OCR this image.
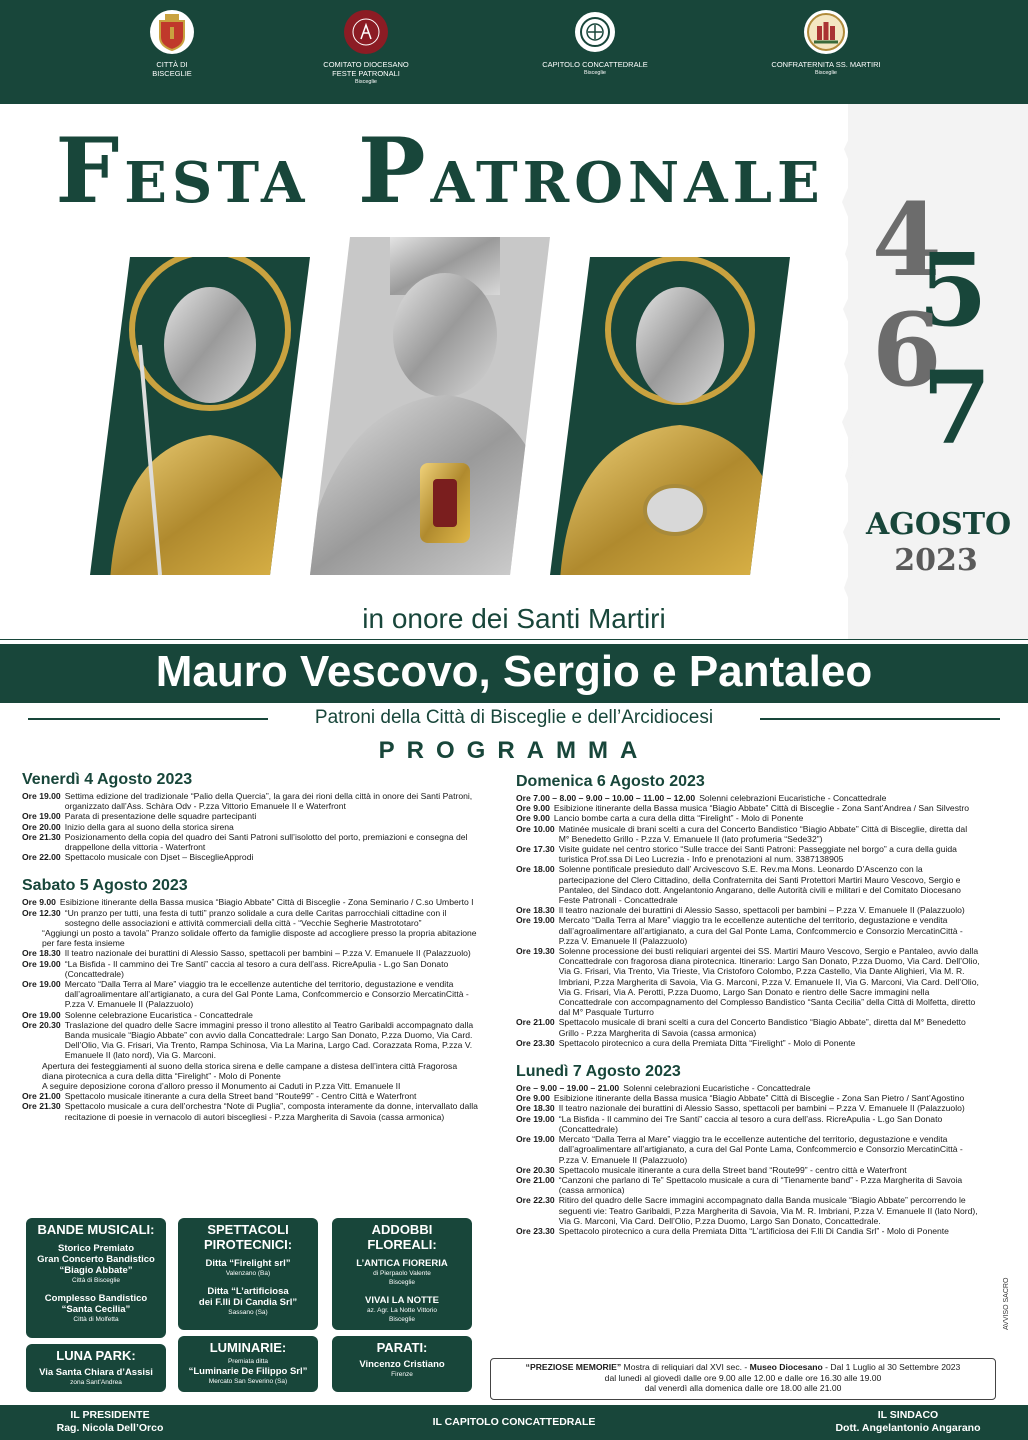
CITTÀ DI
BISCEGLIE
COMITATO DIOCESANO
FESTE PATRONALI
Bisceglie
CAPITOLO CONCATTEDRALE
Bisceglie
CONFRATERNITA SS. MARTIRI
Bisceglie
FESTA PATRONALE 4
5
6
7
AGOSTO
2023
in onore dei Santi Martiri
Mauro Vescovo, Sergio e Pantaleo
Patroni della Città di Bisceglie e dell’Arcidiocesi
PROGRAMMA
Venerdì 4 Agosto 2023
Ore 19.00 Settima edizione del tradizionale “Palio della Quercia”, la gara dei rioni della città in onore dei Santi Patroni, organizzato dall’Ass. Schàra Odv - P.zza Vittorio Emanuele II e Waterfront
Ore 19.00 Parata di presentazione delle squadre partecipanti
Ore 20.00 Inizio della gara al suono della storica sirena
Ore 21.30 Posizionamento della copia del quadro dei Santi Patroni sull’isolotto del porto, premiazioni e consegna del drappellone della vittoria - Waterfront
Ore 22.00 Spettacolo musicale con Djset – BisceglieApprodi
Sabato 5 Agosto 2023
Ore 9.00 Esibizione itinerante della Bassa musica “Biagio Abbate” Città di Bisceglie - Zona Seminario / C.so Umberto I
Ore 12.30 “Un pranzo per tutti, una festa di tutti” pranzo solidale a cura delle Caritas parrocchiali cittadine con il sostegno delle associazioni e attività commerciali della città - “Vecchie Segherie Mastrototaro”
“Aggiungi un posto a tavola” Pranzo solidale offerto da famiglie disposte ad accogliere presso la propria abitazione per fare festa insieme
Ore 18.30 Il teatro nazionale dei burattini di Alessio Sasso, spettacoli per bambini – P.zza V. Emanuele II (Palazzuolo)
Ore 19.00 “La Bisfida - Il cammino dei Tre Santi” caccia al tesoro a cura dell’ass. RicreApulia - L.go San Donato (Concattedrale)
Ore 19.00 Mercato “Dalla Terra al Mare” viaggio tra le eccellenze autentiche del territorio, degustazione e vendita dall’agroalimentare all’artigianato, a cura del Gal Ponte Lama, Confcommercio e Consorzio MercatinCittà - P.zza V. Emanuele II (Palazzuolo)
Ore 19.00 Solenne celebrazione Eucaristica - Concattedrale
Ore 20.30 Traslazione del quadro delle Sacre immagini presso il trono allestito al Teatro Garibaldi accompagnato dalla Banda musicale “Biagio Abbate” con avvio dalla Concattedrale: Largo San Donato, P.zza Duomo, Via Card. Dell’Olio, Via G. Frisari, Via Trento, Rampa Schinosa, Via La Marina, Largo Cad. Corazzata Roma, P.zza V. Emanuele II (lato nord), Via G. Marconi.
Apertura dei festeggiamenti al suono della storica sirena e delle campane a distesa dell’intera città Fragorosa diana pirotecnica a cura della ditta “Firelight” - Molo di Ponente
A seguire deposizione corona d’alloro presso il Monumento ai Caduti in P.zza Vitt. Emanuele II
Ore 21.00 Spettacolo musicale itinerante a cura della Street band “Route99” - Centro Città e Waterfront
Ore 21.30 Spettacolo musicale a cura dell’orchestra “Note di Puglia”, composta interamente da donne, intervallato dalla recitazione di poesie in vernacolo di autori biscegliesi - P.zza Margherita di Savoia (cassa armonica)
Domenica 6 Agosto 2023
Ore 7.00 – 8.00 – 9.00 – 10.00 – 11.00 – 12.00 Solenni celebrazioni Eucaristiche - Concattedrale
Ore 9.00 Esibizione itinerante della Bassa musica “Biagio Abbate” Città di Bisceglie - Zona Sant’Andrea / San Silvestro
Ore 9.00 Lancio bombe carta a cura della ditta “Firelight” - Molo di Ponente
Ore 10.00 Matinée musicale di brani scelti a cura del Concerto Bandistico “Biagio Abbate” Città di Bisceglie, diretta dal M° Benedetto Grillo - P.zza V. Emanuele II (lato profumeria “Sede32”)
Ore 17.30 Visite guidate nel centro storico “Sulle tracce dei Santi Patroni: Passeggiate nel borgo” a cura della guida turistica Prof.ssa Di Leo Lucrezia - Info e prenotazioni al num. 3387138905
Ore 18.00 Solenne pontificale presieduto dall’ Arcivescovo S.E. Rev.ma Mons. Leonardo D’Ascenzo con la partecipazione del Clero Cittadino, della Confraternita dei Santi Protettori Martiri Mauro Vescovo, Sergio e Pantaleo, del Sindaco dott. Angelantonio Angarano, delle Autorità civili e militari e del Comitato Diocesano Feste Patronali - Concattedrale
Ore 18.30 Il teatro nazionale dei burattini di Alessio Sasso, spettacoli per bambini – P.zza V. Emanuele II (Palazzuolo)
Ore 19.00 Mercato “Dalla Terra al Mare” viaggio tra le eccellenze autentiche del territorio, degustazione e vendita dall’agroalimentare all’artigianato, a cura del Gal Ponte Lama, Confcommercio e Consorzio MercatinCittà - P.zza V. Emanuele II (Palazzuolo)
Ore 19.30 Solenne processione dei busti reliquiari argentei dei SS. Martiri Mauro Vescovo, Sergio e Pantaleo, avvio dalla Concattedrale con fragorosa diana pirotecnica. Itinerario: Largo San Donato, P.zza Duomo, Via Card. Dell’Olio, Via G. Frisari, Via Trento, Via Trieste, Via Cristoforo Colombo, P.zza Castello, Via Dante Alighieri, Via M. R. Imbriani, P.zza Margherita di Savoia, Via G. Marconi, P.zza V. Emanuele II, Via G. Marconi, Via Card. Dell’Olio, Via G. Frisari, Via A. Perotti, P.zza Duomo, Largo San Donato e rientro delle Sacre immagini nella Concattedrale con accompagnamento del Complesso Bandistico “Santa Cecilia” della Città di Molfetta, diretto dal M° Pasquale Turturro
Ore 21.00 Spettacolo musicale di brani scelti a cura del Concerto Bandistico “Biagio Abbate”, diretta dal M° Benedetto Grillo - P.zza Margherita di Savoia (cassa armonica)
Ore 23.30 Spettacolo pirotecnico a cura della Premiata Ditta “Firelight” - Molo di Ponente
Lunedì 7 Agosto 2023
Ore – 9.00 – 19.00 – 21.00 Solenni celebrazioni Eucaristiche - Concattedrale
Ore 9.00 Esibizione itinerante della Bassa musica “Biagio Abbate” Città di Bisceglie - Zona San Pietro / Sant’Agostino
Ore 18.30 Il teatro nazionale dei burattini di Alessio Sasso, spettacoli per bambini – P.zza V. Emanuele II (Palazzuolo)
Ore 19.00 “La Bisfida - Il cammino dei Tre Santi” caccia al tesoro a cura dell’ass. RicreApulia - L.go San Donato (Concattedrale)
Ore 19.00 Mercato “Dalla Terra al Mare” viaggio tra le eccellenze autentiche del territorio, degustazione e vendita dall’agroalimentare all’artigianato, a cura del Gal Ponte Lama, Confcommercio e Consorzio MercatinCittà - P.zza V. Emanuele II (Palazzuolo)
Ore 20.30 Spettacolo musicale itinerante a cura della Street band “Route99” - centro città e Waterfront
Ore 21.00 “Canzoni che parlano di Te” Spettacolo musicale a cura di “Tienamente band” - P.zza Margherita di Savoia (cassa armonica)
Ore 22.30 Ritiro del quadro delle Sacre immagini accompagnato dalla Banda musicale “Biagio Abbate” percorrendo le seguenti vie: Teatro Garibaldi, P.zza Margherita di Savoia, Via M. R. Imbriani, P.zza V. Emanuele II (lato Nord), Via G. Marconi, Via Card. Dell’Olio, P.zza Duomo, Largo San Donato, Concattedrale.
Ore 23.30 Spettacolo pirotecnico a cura della Premiata Ditta “L’artificiosa dei F.lli Di Candia Srl” - Molo di Ponente
BANDE MUSICALI:
Storico Premiato
Gran Concerto Bandistico
“Biagio Abbate”
Città di Bisceglie
Complesso Bandistico
“Santa Cecilia”
Città di Molfetta
SPETTACOLI
PIROTECNICI:
Ditta “Firelight srl”
Valenzano (Ba)
Ditta “L’artificiosa
dei F.lli Di Candia Srl”
Sassano (Sa)
ADDOBBI FLOREALI:
L’ANTICA FIORERIA
di Pierpaolo Valente
Bisceglie
VIVAI LA NOTTE
az. Agr. La Notte Vittorio
Bisceglie
LUNA PARK:
Via Santa Chiara d’Assisi
zona Sant’Andrea
LUMINARIE:
Premiata ditta
“Luminarie De Filippo Srl”
Mercato San Severino (Sa)
PARATI:
Vincenzo Cristiano
Firenze
“PREZIOSE MEMORIE” Mostra di reliquiari dal XVI sec. - Museo Diocesano - Dal 1 Luglio al 30 Settembre 2023
dal lunedì al giovedì dalle ore 9.00 alle 12.00 e dalle ore 16.30 alle 19.00
dal venerdì alla domenica dalle ore 18.00 alle 21.00
AVVISO SACRO
IL PRESIDENTE
Rag. Nicola Dell’Orco	IL CAPITOLO CONCATTEDRALE
IL SINDACO
Dott. Angelantonio Angarano
